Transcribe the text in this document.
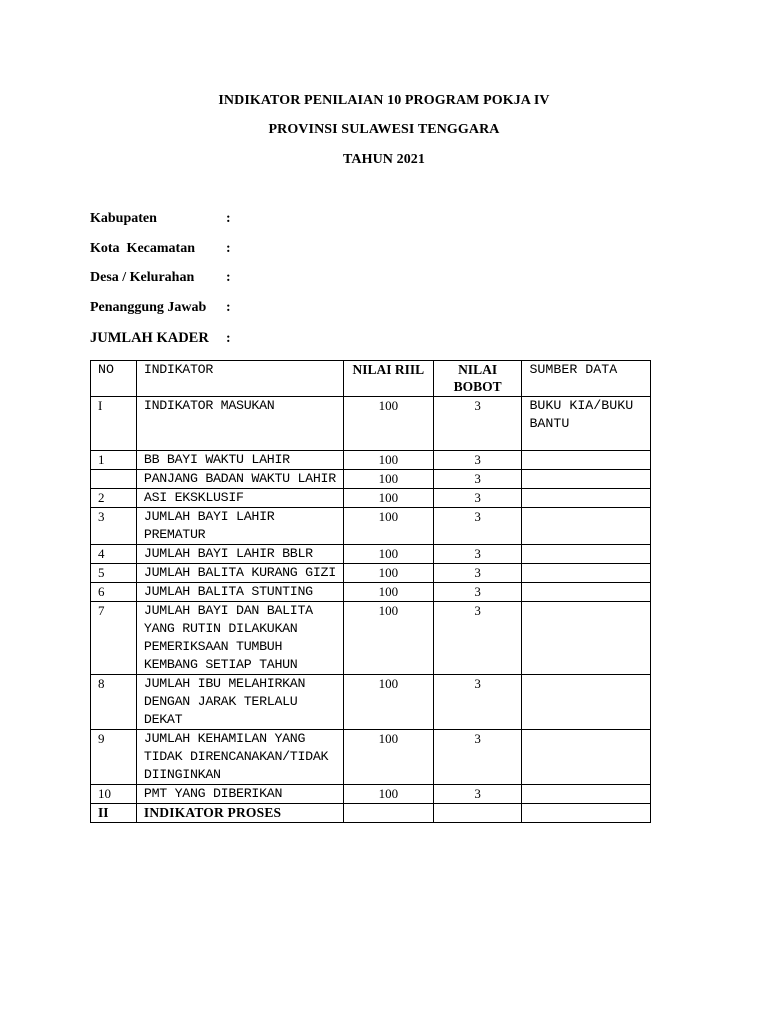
INDIKATOR PENILAIAN 10 PROGRAM POKJA IV
PROVINSI SULAWESI TENGGARA
TAHUN 2021
Kabupaten	:
Kota  Kecamatan :
Desa / Kelurahan :
Penanggung Jawab :
JUMLAH KADER :
NO	INDIKATOR	NILAI RIIL	NILAI BOBOT	SUMBER DATA
I	INDIKATOR MASUKAN	100	3	BUKU KIA/BUKU BANTU
1	BB BAYI WAKTU LAHIR	100	3	
	PANJANG BADAN WAKTU LAHIR	100	3	
2	ASI EKSKLUSIF	100	3	
3	JUMLAH BAYI LAHIR PREMATUR	100	3	
4	JUMLAH BAYI LAHIR BBLR	100	3	
5	JUMLAH BALITA KURANG GIZI	100	3	
6	JUMLAH BALITA STUNTING	100	3	
7	JUMLAH BAYI DAN BALITA YANG RUTIN DILAKUKAN PEMERIKSAAN TUMBUH KEMBANG SETIAP TAHUN	100	3	
8	JUMLAH IBU MELAHIRKAN DENGAN JARAK TERLALU DEKAT	100	3	
9	JUMLAH KEHAMILAN YANG TIDAK DIRENCANAKAN/TIDAK DIINGINKAN	100	3	
10	PMT YANG DIBERIKAN	100	3	
II	INDIKATOR PROSES			
